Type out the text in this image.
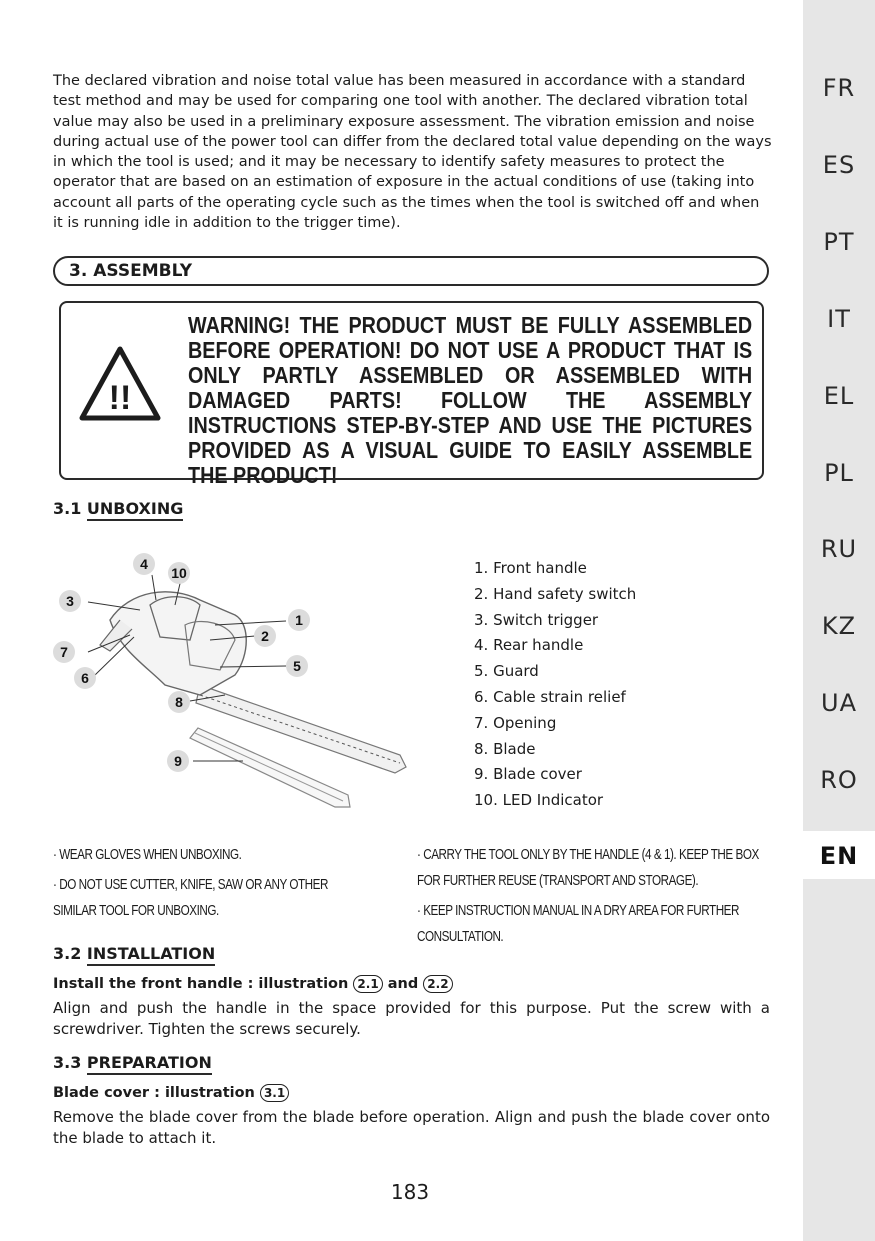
FR
ES
PT
IT
EL
PL
RU
KZ
UA
RO
EN
The declared vibration and noise total value has been measured in accordance with a standard test method and may be used for comparing one tool with another. The declared vibration total value may also be used in a preliminary exposure assessment. The vibration emission and noise during actual use of the power tool can differ from the declared total value depending on the ways in which the tool is used; and it may be necessary to identify safety measures to protect the operator that are based on an estimation of exposure in the actual conditions of use (taking into account all parts of the operating cycle such as the times when the tool is switched off and when it is running idle in addition to the trigger time).
3. ASSEMBLY
!!
WARNING! THE PRODUCT MUST BE FULLY ASSEMBLED BEFORE OPERATION! DO NOT USE A PRODUCT THAT IS ONLY PARTLY ASSEMBLED OR ASSEMBLED WITH DAMAGED PARTS! FOLLOW THE ASSEMBLY INSTRUCTIONS STEP-BY-STEP AND USE THE PICTURES PROVIDED AS A VISUAL GUIDE TO EASILY ASSEMBLE THE PRODUCT!
3.1 UNBOXING
4
10
3
1
2
7
5
6
8
9
1. Front handle
2. Hand safety switch
3. Switch trigger
4. Rear handle
5. Guard
6. Cable strain relief
7. Opening
8. Blade
9. Blade cover
10. LED Indicator

· WEAR GLOVES WHEN UNBOXING.

· DO NOT USE CUTTER, KNIFE, SAW OR ANY OTHER SIMILAR TOOL FOR UNBOXING.

· CARRY THE TOOL ONLY BY THE HANDLE (4 & 1). KEEP THE BOX FOR FURTHER REUSE (TRANSPORT AND STORAGE).

· KEEP INSTRUCTION MANUAL IN A DRY AREA FOR FURTHER CONSULTATION.

3.2 INSTALLATION
Install the front handle : illustration 2.1 and 2.2
Align and push the handle in the space provided for this purpose. Put the screw with a screwdriver. Tighten the screws securely.
3.3 PREPARATION
Blade cover : illustration 3.1
Remove the blade cover from the blade before operation. Align and push the blade cover onto the blade to attach it.
183
